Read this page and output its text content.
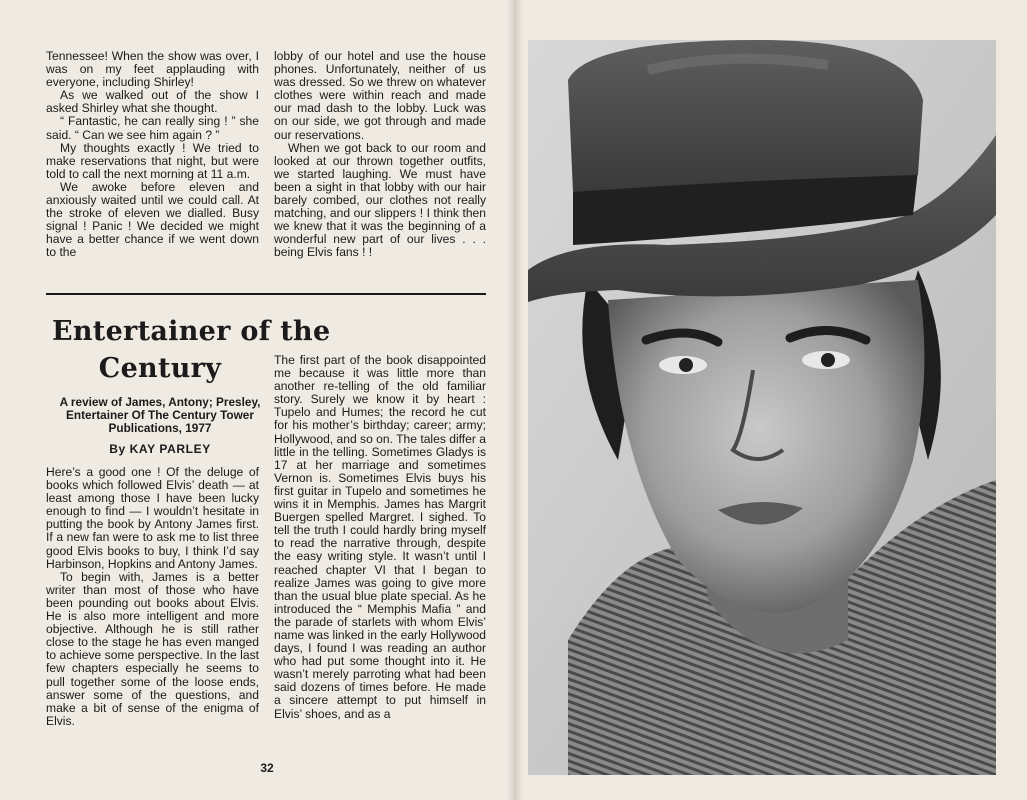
Tennessee! When the show was over, I was on my feet applauding with everyone, including Shirley!

As we walked out of the show I asked Shirley what she thought.

“ Fantastic, he can really sing ! ” she said. “ Can we see him again ? ”

My thoughts exactly ! We tried to make reservations that night, but were told to call the next morning at 11 a.m.

We awoke before eleven and anxiously waited until we could call. At the stroke of eleven we dialled. Busy signal ! Panic ! We decided we might have a better chance if we went down to the

lobby of our hotel and use the house phones. Unfortunately, neither of us was dressed. So we threw on whatever clothes were within reach and made our mad dash to the lobby. Luck was on our side, we got through and made our reservations.

When we got back to our room and looked at our thrown together outfits, we started laughing. We must have been a sight in that lobby with our hair barely combed, our clothes not really matching, and our slippers ! I think then we knew that it was the beginning of a wonderful new part of our lives . . . being Elvis fans ! !

Entertainer of the
Century
A review of James, Antony; Presley, Entertainer Of The Century Tower Publications, 1977
By KAY PARLEY

Here’s a good one ! Of the deluge of books which followed Elvis’ death — at least among those I have been lucky enough to find — I wouldn’t hesitate in putting the book by Antony James first. If a new fan were to ask me to list three good Elvis books to buy, I think I’d say Harbinson, Hopkins and Antony James.

To begin with, James is a better writer than most of those who have been pounding out books about Elvis. He is also more intelligent and more objective. Although he is still rather close to the stage he has even manged to achieve some perspective. In the last few chapters especially he seems to pull together some of the loose ends, answer some of the questions, and make a bit of sense of the enigma of Elvis.

The first part of the book disappointed me because it was little more than another re-telling of the old familiar story. Surely we know it by heart : Tupelo and Humes; the record he cut for his mother’s birthday; career; army; Hollywood, and so on. The tales differ a little in the telling. Sometimes Gladys is 17 at her marriage and sometimes Vernon is. Sometimes Elvis buys his first guitar in Tupelo and sometimes he wins it in Memphis. James has Margrit Buergen spelled Margret. I sighed. To tell the truth I could hardly bring myself to read the narrative through, despite the easy writing style. It wasn’t until I reached chapter VI that I began to realize James was going to give more than the usual blue plate special. As he introduced the “ Memphis Mafia ” and the parade of starlets with whom Elvis’ name was linked in the early Hollywood days, I found I was reading an author who had put some thought into it. He wasn’t merely parroting what had been said dozens of times before. He made a sincere attempt to put himself in Elvis’ shoes, and as a

32
